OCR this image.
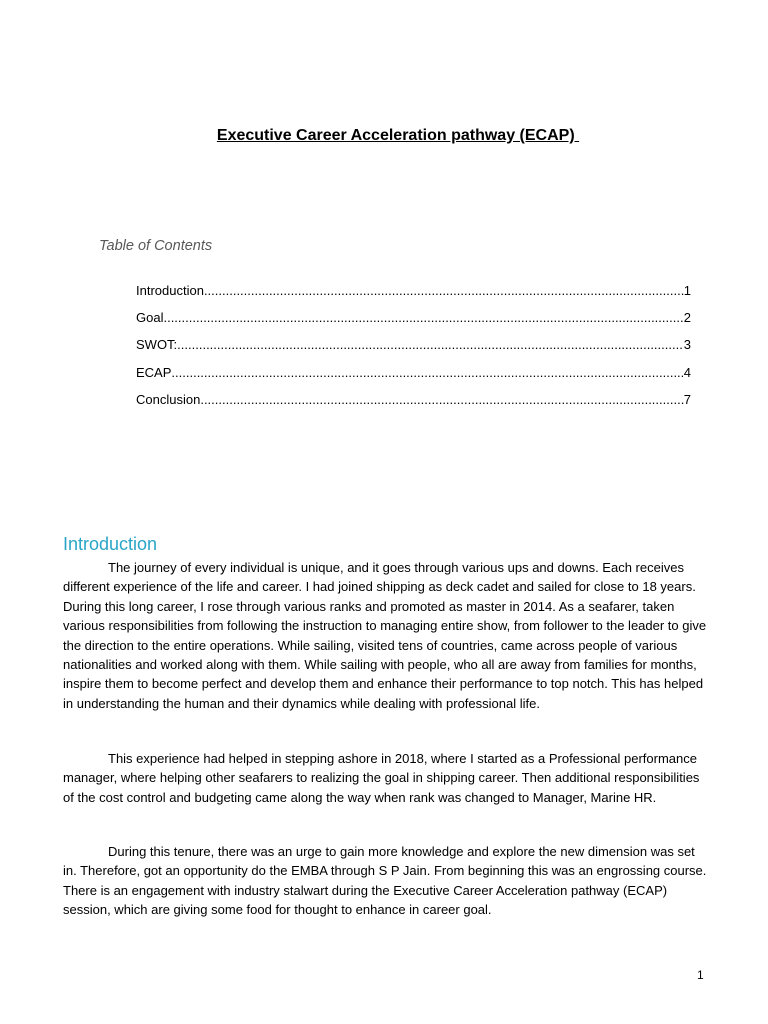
Executive Career Acceleration pathway (ECAP)
Table of Contents
Introduction .....	1
Goal .....	2
SWOT: .....	3
ECAP .....	4
Conclusion .....	7
Introduction

The journey of every individual is unique, and it goes through various ups and downs. Each receives different experience of the life and career. I had joined shipping as deck cadet and sailed for close to 18 years. During this long career, I rose through various ranks and promoted as master in 2014. As a seafarer, taken various responsibilities from following the instruction to managing entire show, from follower to the leader to give the direction to the entire operations. While sailing, visited tens of countries, came across people of various nationalities and worked along with them. While sailing with people, who all are away from families for months, inspire them to become perfect and develop them and enhance their performance to top notch. This has helped in understanding the human and their dynamics while dealing with professional life.

This experience had helped in stepping ashore in 2018, where I started as a Professional performance manager, where helping other seafarers to realizing the goal in shipping career. Then additional responsibilities of the cost control and budgeting came along the way when rank was changed to Manager, Marine HR.

During this tenure, there was an urge to gain more knowledge and explore the new dimension was set in. Therefore, got an opportunity do the EMBA through S P Jain. From beginning this was an engrossing course. There is an engagement with industry stalwart during the Executive Career Acceleration pathway (ECAP) session, which are giving some food for thought to enhance in career goal.

1
